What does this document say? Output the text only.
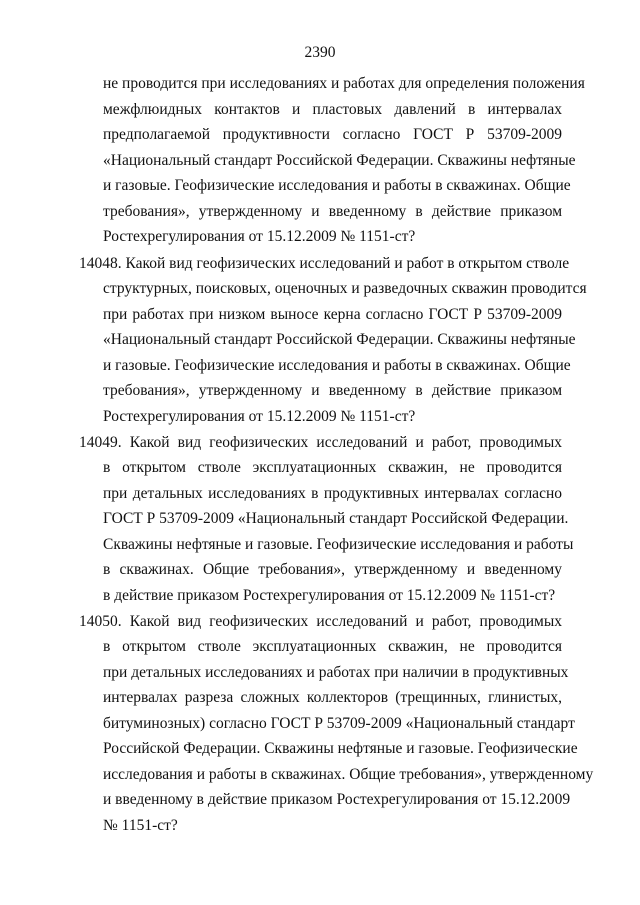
2390
не проводится при исследованиях и работах для определения положения
межфлюидных контактов и пластовых давлений в интервалах
предполагаемой продуктивности согласно ГОСТ Р 53709-2009
«Национальный стандарт Российской Федерации. Скважины нефтяные
и газовые. Геофизические исследования и работы в скважинах. Общие
требования», утвержденному и введенному в действие приказом
Ростехрегулирования от 15.12.2009 № 1151-ст?
14048. Какой вид геофизических исследований и работ в открытом стволе
структурных, поисковых, оценочных и разведочных скважин проводится
при работах при низком выносе керна согласно ГОСТ Р 53709-2009
«Национальный стандарт Российской Федерации. Скважины нефтяные
и газовые. Геофизические исследования и работы в скважинах. Общие
требования», утвержденному и введенному в действие приказом
Ростехрегулирования от 15.12.2009 № 1151-ст?
14049. Какой вид геофизических исследований и работ, проводимых
в открытом стволе эксплуатационных скважин, не проводится
при детальных исследованиях в продуктивных интервалах согласно
ГОСТ Р 53709-2009 «Национальный стандарт Российской Федерации.
Скважины нефтяные и газовые. Геофизические исследования и работы
в скважинах. Общие требования», утвержденному и введенному
в действие приказом Ростехрегулирования от 15.12.2009 № 1151-ст?
14050. Какой вид геофизических исследований и работ, проводимых
в открытом стволе эксплуатационных скважин, не проводится
при детальных исследованиях и работах при наличии в продуктивных
интервалах разреза сложных коллекторов (трещинных, глинистых,
битуминозных) согласно ГОСТ Р 53709-2009 «Национальный стандарт
Российской Федерации. Скважины нефтяные и газовые. Геофизические
исследования и работы в скважинах. Общие требования», утвержденному
и введенному в действие приказом Ростехрегулирования от 15.12.2009
№ 1151-ст?
